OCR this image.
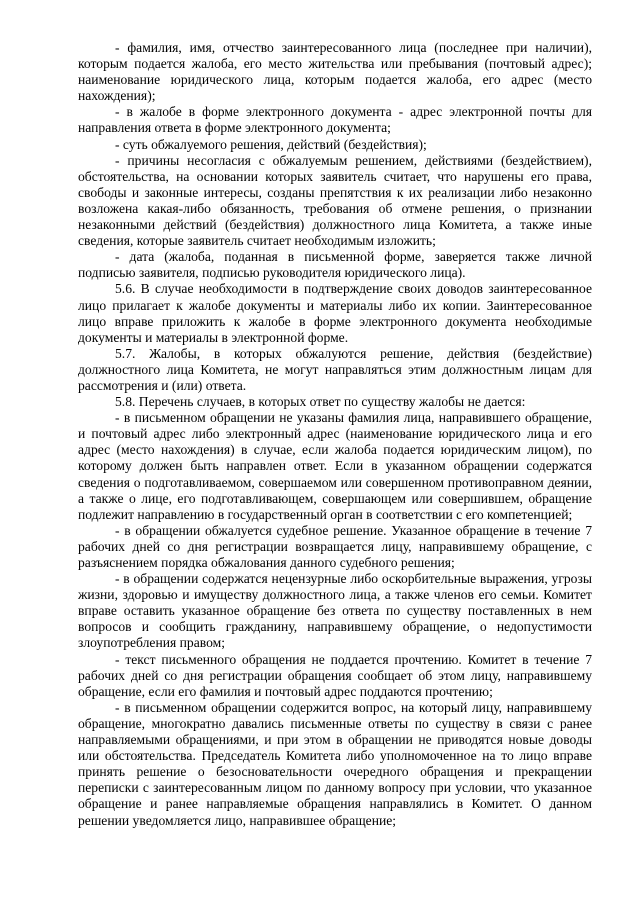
- фамилия, имя, отчество заинтересованного лица (последнее при наличии), которым подается жалоба, его место жительства или пребывания (почтовый адрес); наименование юридического лица, которым подается жалоба, его адрес (место нахождения);

- в жалобе в форме электронного документа - адрес электронной почты для направления ответа в форме электронного документа;

- суть обжалуемого решения, действий (бездействия);

- причины несогласия с обжалуемым решением, действиями (бездействием), обстоятельства, на основании которых заявитель считает, что нарушены его права, свободы и законные интересы, созданы препятствия к их реализации либо незаконно возложена какая-либо обязанность, требования об отмене решения, о признании незаконными действий (бездействия) должностного лица Комитета, а также иные сведения, которые заявитель считает необходимым изложить;

- дата (жалоба, поданная в письменной форме, заверяется также личной подписью заявителя, подписью руководителя юридического лица).

5.6. В случае необходимости в подтверждение своих доводов заинтересованное лицо прилагает к жалобе документы и материалы либо их копии. Заинтересованное лицо вправе приложить к жалобе в форме электронного документа необходимые документы и материалы в электронной форме.

5.7. Жалобы, в которых обжалуются решение, действия (бездействие) должностного лица Комитета, не могут направляться этим должностным лицам для рассмотрения и (или) ответа.

5.8. Перечень случаев, в которых ответ по существу жалобы не дается:

- в письменном обращении не указаны фамилия лица, направившего обращение, и почтовый адрес либо электронный адрес (наименование юридического лица и его адрес (место нахождения) в случае, если жалоба подается юридическим лицом), по которому должен быть направлен ответ. Если в указанном обращении содержатся сведения о подготавливаемом, совершаемом или совершенном противоправном деянии, а также о лице, его подготавливающем, совершающем или совершившем, обращение подлежит направлению в государственный орган в соответствии с его компетенцией;

- в обращении обжалуется судебное решение. Указанное обращение в течение 7 рабочих дней со дня регистрации возвращается лицу, направившему обращение, с разъяснением порядка обжалования данного судебного решения;

- в обращении содержатся нецензурные либо оскорбительные выражения, угрозы жизни, здоровью и имуществу должностного лица, а также членов его семьи. Комитет вправе оставить указанное обращение без ответа по существу поставленных в нем вопросов и сообщить гражданину, направившему обращение, о недопустимости злоупотребления правом;

- текст письменного обращения не поддается прочтению. Комитет в течение 7 рабочих дней со дня регистрации обращения сообщает об этом лицу, направившему обращение, если его фамилия и почтовый адрес поддаются прочтению;

- в письменном обращении содержится вопрос, на который лицу, направившему обращение, многократно давались письменные ответы по существу в связи с ранее направляемыми обращениями, и при этом в обращении не приводятся новые доводы или обстоятельства. Председатель Комитета либо уполномоченное на то лицо вправе принять решение о безосновательности очередного обращения и прекращении переписки с заинтересованным лицом по данному вопросу при условии, что указанное обращение и ранее направляемые обращения направлялись в Комитет. О данном решении уведомляется лицо, направившее обращение;
